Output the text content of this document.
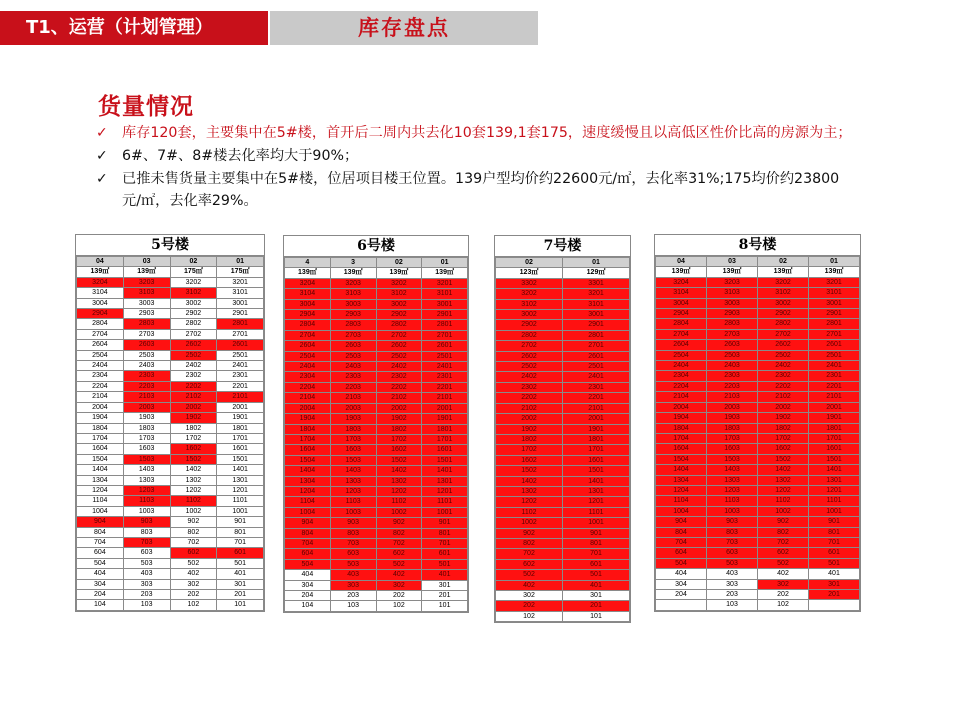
T1、运营（计划管理）	库存盘点
货量情况
✓	库存120套，主要集中在5#楼，首开后二周内共去化10套139,1套175，速度缓慢且以高低区性价比高的房源为主；
✓	6#、7#、8#楼去化率均大于90%；
✓	已推未售货量主要集中在5#楼，位居项目楼王位置。139户型均价约22600元/㎡，去化率31%;175均价约23800元/㎡，去化率29%。
5号楼
04	03	02	01
139㎡	139㎡	175㎡	175㎡
3204	3203	3202	3201
3104	3103	3102	3101
3004	3003	3002	3001
2904	2903	2902	2901
2804	2803	2802	2801
2704	2703	2702	2701
2604	2603	2602	2601
2504	2503	2502	2501
2404	2403	2402	2401
2304	2303	2302	2301
2204	2203	2202	2201
2104	2103	2102	2101
2004	2003	2002	2001
1904	1903	1902	1901
1804	1803	1802	1801
1704	1703	1702	1701
1604	1603	1602	1601
1504	1503	1502	1501
1404	1403	1402	1401
1304	1303	1302	1301
1204	1203	1202	1201
1104	1103	1102	1101
1004	1003	1002	1001
904	903	902	901
804	803	802	801
704	703	702	701
604	603	602	601
504	503	502	501
404	403	402	401
304	303	302	301
204	203	202	201
104	103	102	101
6号楼
4	3	02	01
139㎡	139㎡	139㎡	139㎡
3204	3203	3202	3201
3104	3103	3102	3101
3004	3003	3002	3001
2904	2903	2902	2901
2804	2803	2802	2801
2704	2703	2702	2701
2604	2603	2602	2601
2504	2503	2502	2501
2404	2403	2402	2401
2304	2303	2302	2301
2204	2203	2202	2201
2104	2103	2102	2101
2004	2003	2002	2001
1904	1903	1902	1901
1804	1803	1802	1801
1704	1703	1702	1701
1604	1603	1602	1601
1504	1503	1502	1501
1404	1403	1402	1401
1304	1303	1302	1301
1204	1203	1202	1201
1104	1103	1102	1101
1004	1003	1002	1001
904	903	902	901
804	803	802	801
704	703	702	701
604	603	602	601
504	503	502	501
404	403	402	401
304	303	302	301
204	203	202	201
104	103	102	101
7号楼
02	01
123㎡	129㎡
3302	3301
3202	3201
3102	3101
3002	3001
2902	2901
2802	2801
2702	2701
2602	2601
2502	2501
2402	2401
2302	2301
2202	2201
2102	2101
2002	2001
1902	1901
1802	1801
1702	1701
1602	1601
1502	1501
1402	1401
1302	1301
1202	1201
1102	1101
1002	1001
902	901
802	801
702	701
602	601
502	501
402	401
302	301
202	201
102	101
8号楼
04	03	02	01
139㎡	139㎡	139㎡	139㎡
3204	3203	3202	3201
3104	3103	3102	3101
3004	3003	3002	3001
2904	2903	2902	2901
2804	2803	2802	2801
2704	2703	2702	2701
2604	2603	2602	2601
2504	2503	2502	2501
2404	2403	2402	2401
2304	2303	2302	2301
2204	2203	2202	2201
2104	2103	2102	2101
2004	2003	2002	2001
1904	1903	1902	1901
1804	1803	1802	1801
1704	1703	1702	1701
1604	1603	1602	1601
1504	1503	1502	1501
1404	1403	1402	1401
1304	1303	1302	1301
1204	1203	1202	1201
1104	1103	1102	1101
1004	1003	1002	1001
904	903	902	901
804	803	802	801
704	703	702	701
604	603	602	601
504	503	502	501
404	403	402	401
304	303	302	301
204	203	202	201
	103	102	
